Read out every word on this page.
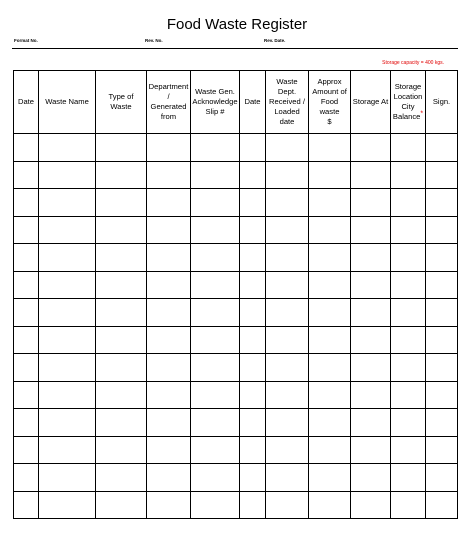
Food Waste Register
Format No.	Rev. No.	Rev. Date.
Storage capacity = 400 kgs.
Date	Waste Name	Type of Waste	Department /
Generated
from	Waste Gen.
Acknowledge
Slip #	Date	Waste Dept.
Received /
Loaded date	Approx
Amount of
Food waste
$	Storage At	Storage
Location
City
Balance*	Sign.
